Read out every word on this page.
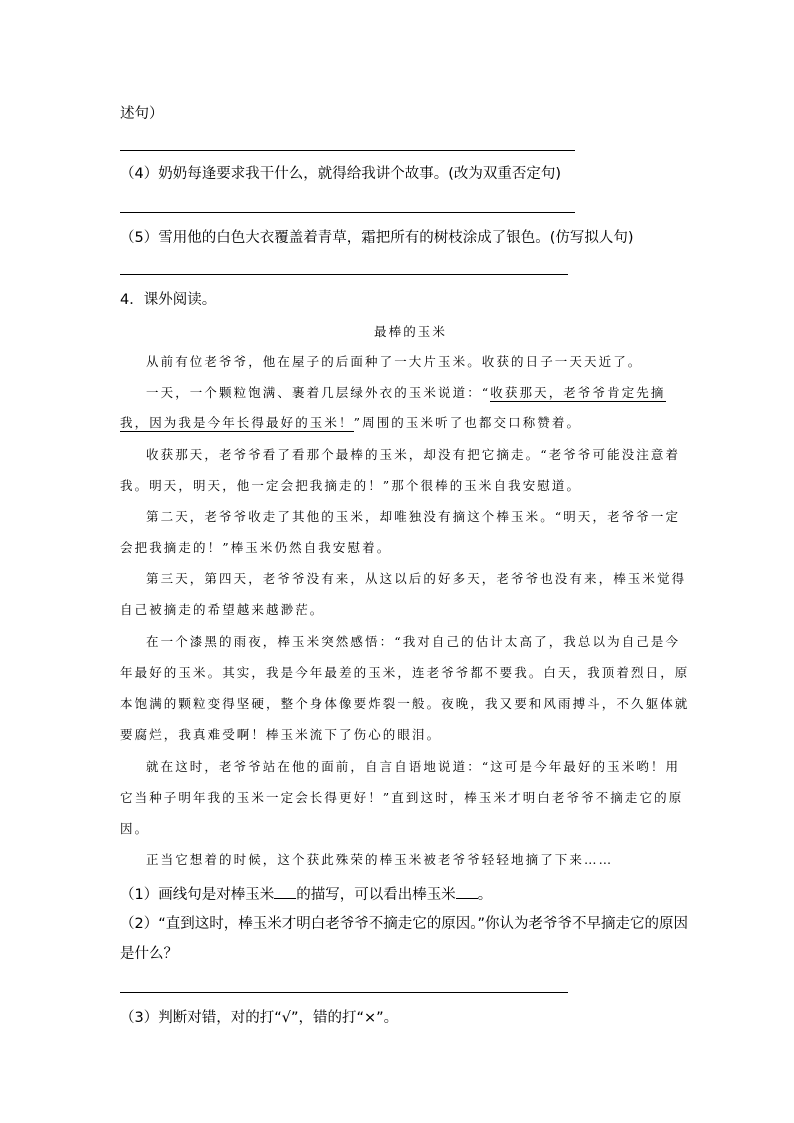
述句）
（4）奶奶每逢要求我干什么，就得给我讲个故事。(改为双重否定句)
（5）雪用他的白色大衣覆盖着青草，霜把所有的树枝涂成了银色。(仿写拟人句)
4．课外阅读。
最棒的玉米
从前有位老爷爷，他在屋子的后面种了一大片玉米。收获的日子一天天近了。
一天，一个颗粒饱满、裹着几层绿外衣的玉米说道：“收获那天，老爷爷肯定先摘
我，因为我是今年长得最好的玉米！”周围的玉米听了也都交口称赞着。
收获那天，老爷爷看了看那个最棒的玉米，却没有把它摘走。“老爷爷可能没注意着
我。明天，明天，他一定会把我摘走的！”那个很棒的玉米自我安慰道。
第二天，老爷爷收走了其他的玉米，却唯独没有摘这个棒玉米。“明天，老爷爷一定
会把我摘走的！”棒玉米仍然自我安慰着。
第三天，第四天，老爷爷没有来，从这以后的好多天，老爷爷也没有来，棒玉米觉得
自己被摘走的希望越来越渺茫。
在一个漆黑的雨夜，棒玉米突然感悟：“我对自己的估计太高了，我总以为自己是今
年最好的玉米。其实，我是今年最差的玉米，连老爷爷都不要我。白天，我顶着烈日，原
本饱满的颗粒变得坚硬，整个身体像要炸裂一般。夜晚，我又要和风雨搏斗，不久躯体就
要腐烂，我真难受啊！棒玉米流下了伤心的眼泪。
就在这时，老爷爷站在他的面前，自言自语地说道：“这可是今年最好的玉米哟！用
它当种子明年我的玉米一定会长得更好！”直到这时，棒玉米才明白老爷爷不摘走它的原
因。
正当它想着的时候，这个获此殊荣的棒玉米被老爷爷轻轻地摘了下来……
（1）画线句是对棒玉米 的描写，可以看出棒玉米 。
（2）“直到这时，棒玉米才明白老爷爷不摘走它的原因。”你认为老爷爷不早摘走它的原因
是什么？
（3）判断对错，对的打“√”，错的打“×”。
